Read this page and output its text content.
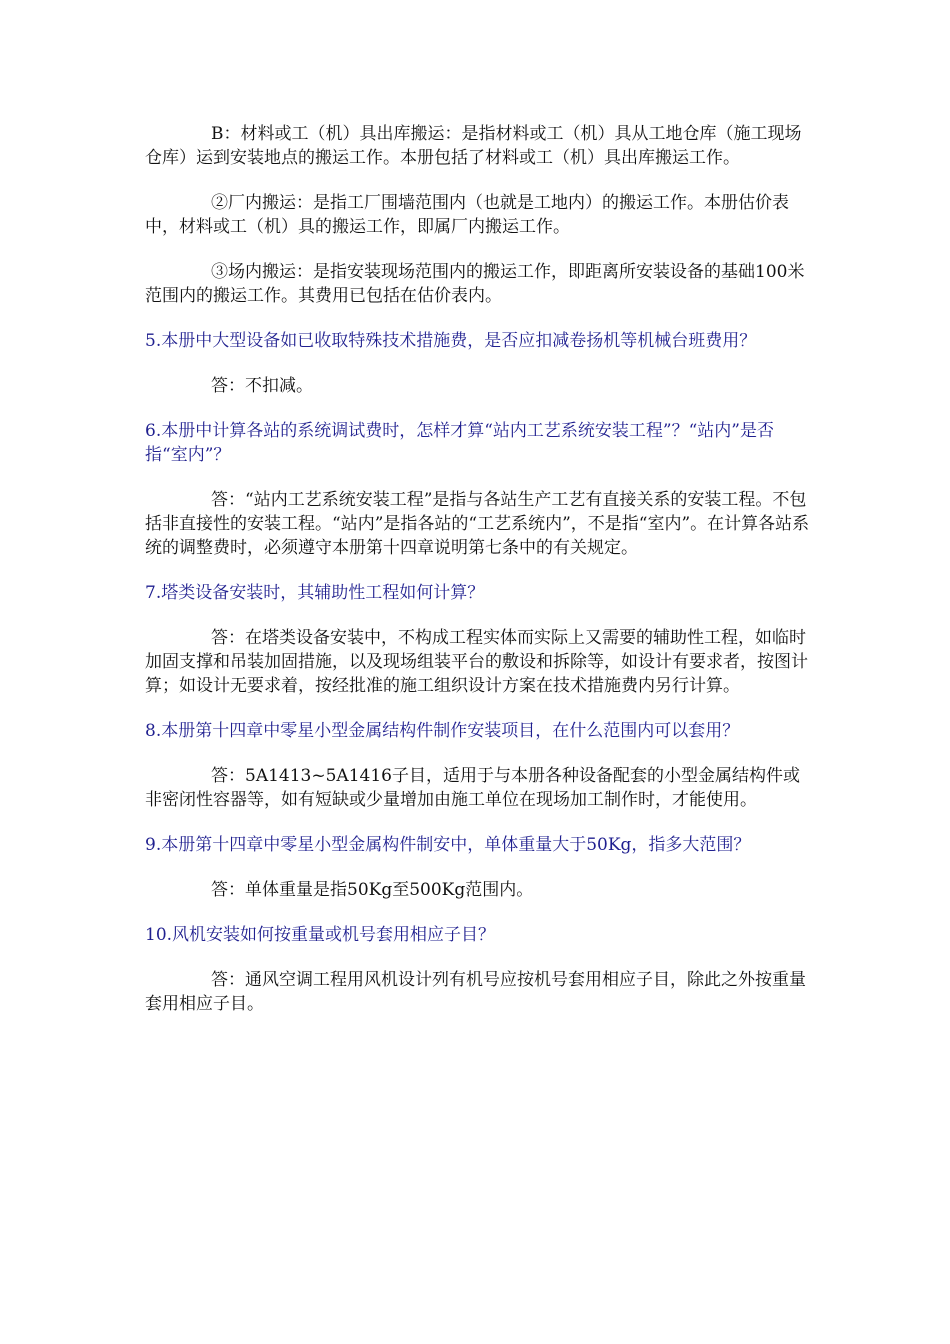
B：材料或工（机）具出库搬运：是指材料或工（机）具从工地仓库（施工现场仓库）运到安装地点的搬运工作。本册包括了材料或工（机）具出库搬运工作。

②厂内搬运：是指工厂围墙范围内（也就是工地内）的搬运工作。本册估价表中，材料或工（机）具的搬运工作，即属厂内搬运工作。

③场内搬运：是指安装现场范围内的搬运工作，即距离所安装设备的基础100米范围内的搬运工作。其费用已包括在估价表内。

5.本册中大型设备如已收取特殊技术措施费，是否应扣减卷扬机等机械台班费用？

答：不扣减。

6.本册中计算各站的系统调试费时，怎样才算“站内工艺系统安装工程”？“站内”是否指“室内”？

答：“站内工艺系统安装工程”是指与各站生产工艺有直接关系的安装工程。不包括非直接性的安装工程。“站内”是指各站的“工艺系统内”，不是指“室内”。在计算各站系统的调整费时，必须遵守本册第十四章说明第七条中的有关规定。

7.塔类设备安装时，其辅助性工程如何计算？

答：在塔类设备安装中，不构成工程实体而实际上又需要的辅助性工程，如临时加固支撑和吊装加固措施，以及现场组装平台的敷设和拆除等，如设计有要求者，按图计算；如设计无要求着，按经批准的施工组织设计方案在技术措施费内另行计算。

8.本册第十四章中零星小型金属结构件制作安装项目，在什么范围内可以套用？

答：5A1413~5A1416子目，适用于与本册各种设备配套的小型金属结构件或非密闭性容器等，如有短缺或少量增加由施工单位在现场加工制作时，才能使用。

9.本册第十四章中零星小型金属构件制安中，单体重量大于50Kg，指多大范围？

答：单体重量是指50Kg至500Kg范围内。

10.风机安装如何按重量或机号套用相应子目？

答：通风空调工程用风机设计列有机号应按机号套用相应子目，除此之外按重量套用相应子目。
